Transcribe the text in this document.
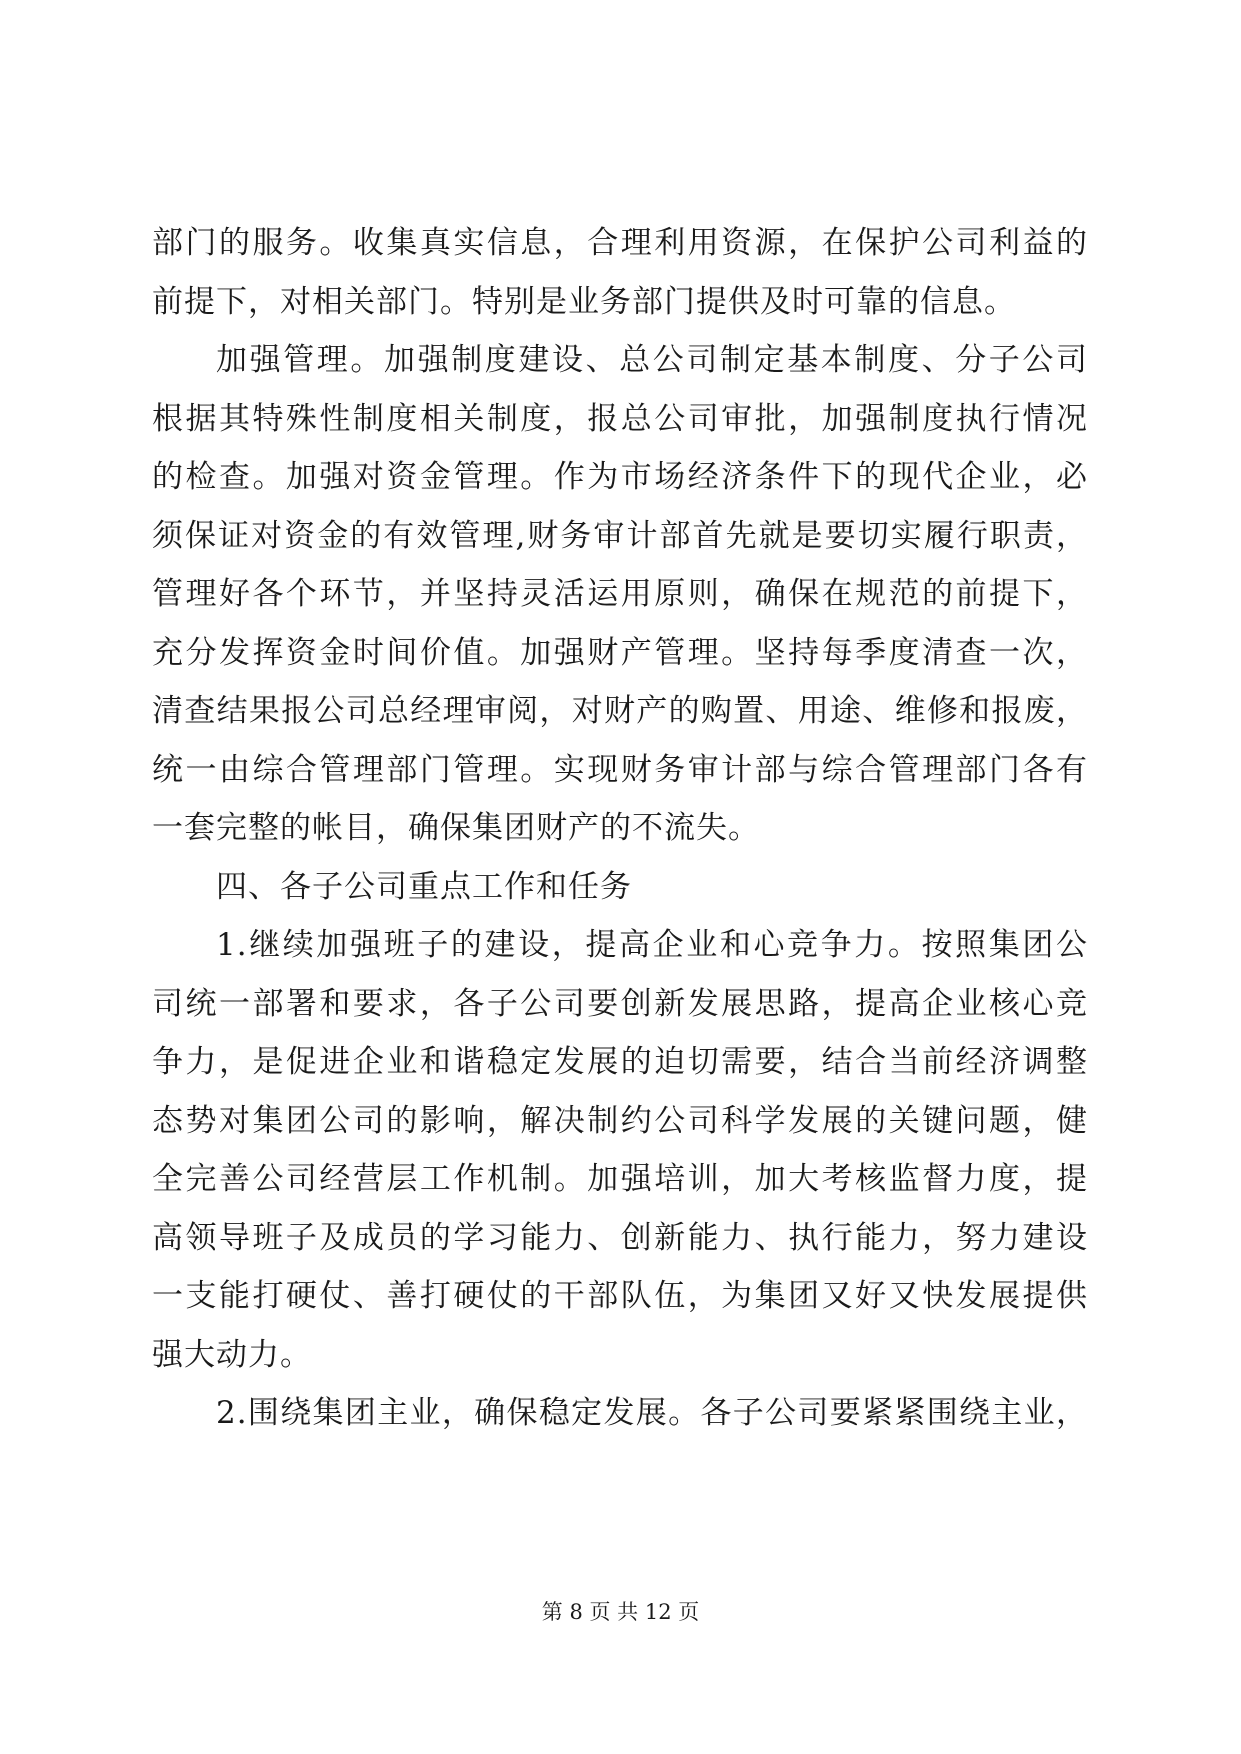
部门的服务。收集真实信息，合理利用资源，在保护公司利益的
前提下，对相关部门。特别是业务部门提供及时可靠的信息。
加强管理。加强制度建设、总公司制定基本制度、分子公司
根据其特殊性制度相关制度，报总公司审批，加强制度执行情况
的检查。加强对资金管理。作为市场经济条件下的现代企业，必
须保证对资金的有效管理,财务审计部首先就是要切实履行职责，
管理好各个环节，并坚持灵活运用原则，确保在规范的前提下，
充分发挥资金时间价值。加强财产管理。坚持每季度清查一次，
清查结果报公司总经理审阅，对财产的购置、用途、维修和报废，
统一由综合管理部门管理。实现财务审计部与综合管理部门各有
一套完整的帐目，确保集团财产的不流失。
四、各子公司重点工作和任务
1.继续加强班子的建设，提高企业和心竞争力。按照集团公
司统一部署和要求，各子公司要创新发展思路，提高企业核心竞
争力，是促进企业和谐稳定发展的迫切需要，结合当前经济调整
态势对集团公司的影响，解决制约公司科学发展的关键问题，健
全完善公司经营层工作机制。加强培训，加大考核监督力度，提
高领导班子及成员的学习能力、创新能力、执行能力，努力建设
一支能打硬仗、善打硬仗的干部队伍，为集团又好又快发展提供
强大动力。
2.围绕集团主业，确保稳定发展。各子公司要紧紧围绕主业，
第 8 页 共 12 页
